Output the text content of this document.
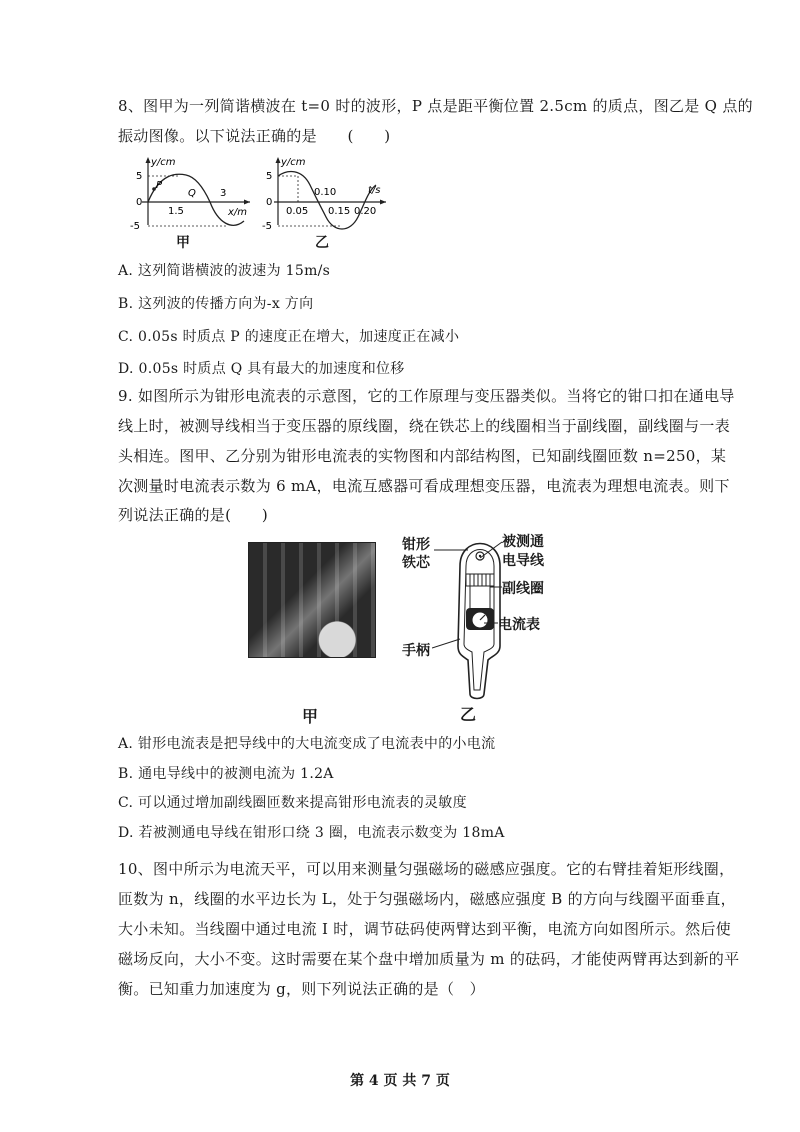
8、图甲为一列简谐横波在 t=0 时的波形，P 点是距平衡位置 2.5cm 的质点，图乙是 Q 点的
振动图像。以下说法正确的是　　(　　)
y/cm
x/m
5
0
-5
1.5
3
P
Q
甲
y/cm
t/s
5
0
-5
0.05
0.10
0.15 0.20
乙
A. 这列简谐横波的波速为 15m/s
B. 这列波的传播方向为-x 方向
C. 0.05s 时质点 P 的速度正在增大，加速度正在减小
D. 0.05s 时质点 Q 具有最大的加速度和位移
9. 如图所示为钳形电流表的示意图，它的工作原理与变压器类似。当将它的钳口扣在通电导
线上时，被测导线相当于变压器的原线圈，绕在铁芯上的线圈相当于副线圈，副线圈与一表
头相连。图甲、乙分别为钳形电流表的实物图和内部结构图，已知副线圈匝数 n=250，某
次测量时电流表示数为 6 mA，电流互感器可看成理想变压器，电流表为理想电流表。则下
列说法正确的是(　　)
甲
钳形
铁芯
被测通
电导线
副线圈
电流表
手柄
乙
A. 钳形电流表是把导线中的大电流变成了电流表中的小电流
B. 通电导线中的被测电流为 1.2A
C. 可以通过增加副线圈匝数来提高钳形电流表的灵敏度
D. 若被测通电导线在钳形口绕 3 圈，电流表示数变为 18mA
10、图中所示为电流天平，可以用来测量匀强磁场的磁感应强度。它的右臂挂着矩形线圈，
匝数为 n，线圈的水平边长为 L，处于匀强磁场内，磁感应强度 B 的方向与线圈平面垂直，
大小未知。当线圈中通过电流 I 时，调节砝码使两臂达到平衡，电流方向如图所示。然后使
磁场反向，大小不变。这时需要在某个盘中增加质量为 m 的砝码，才能使两臂再达到新的平
衡。已知重力加速度为 g，则下列说法正确的是（　）
第 4 页 共 7 页
